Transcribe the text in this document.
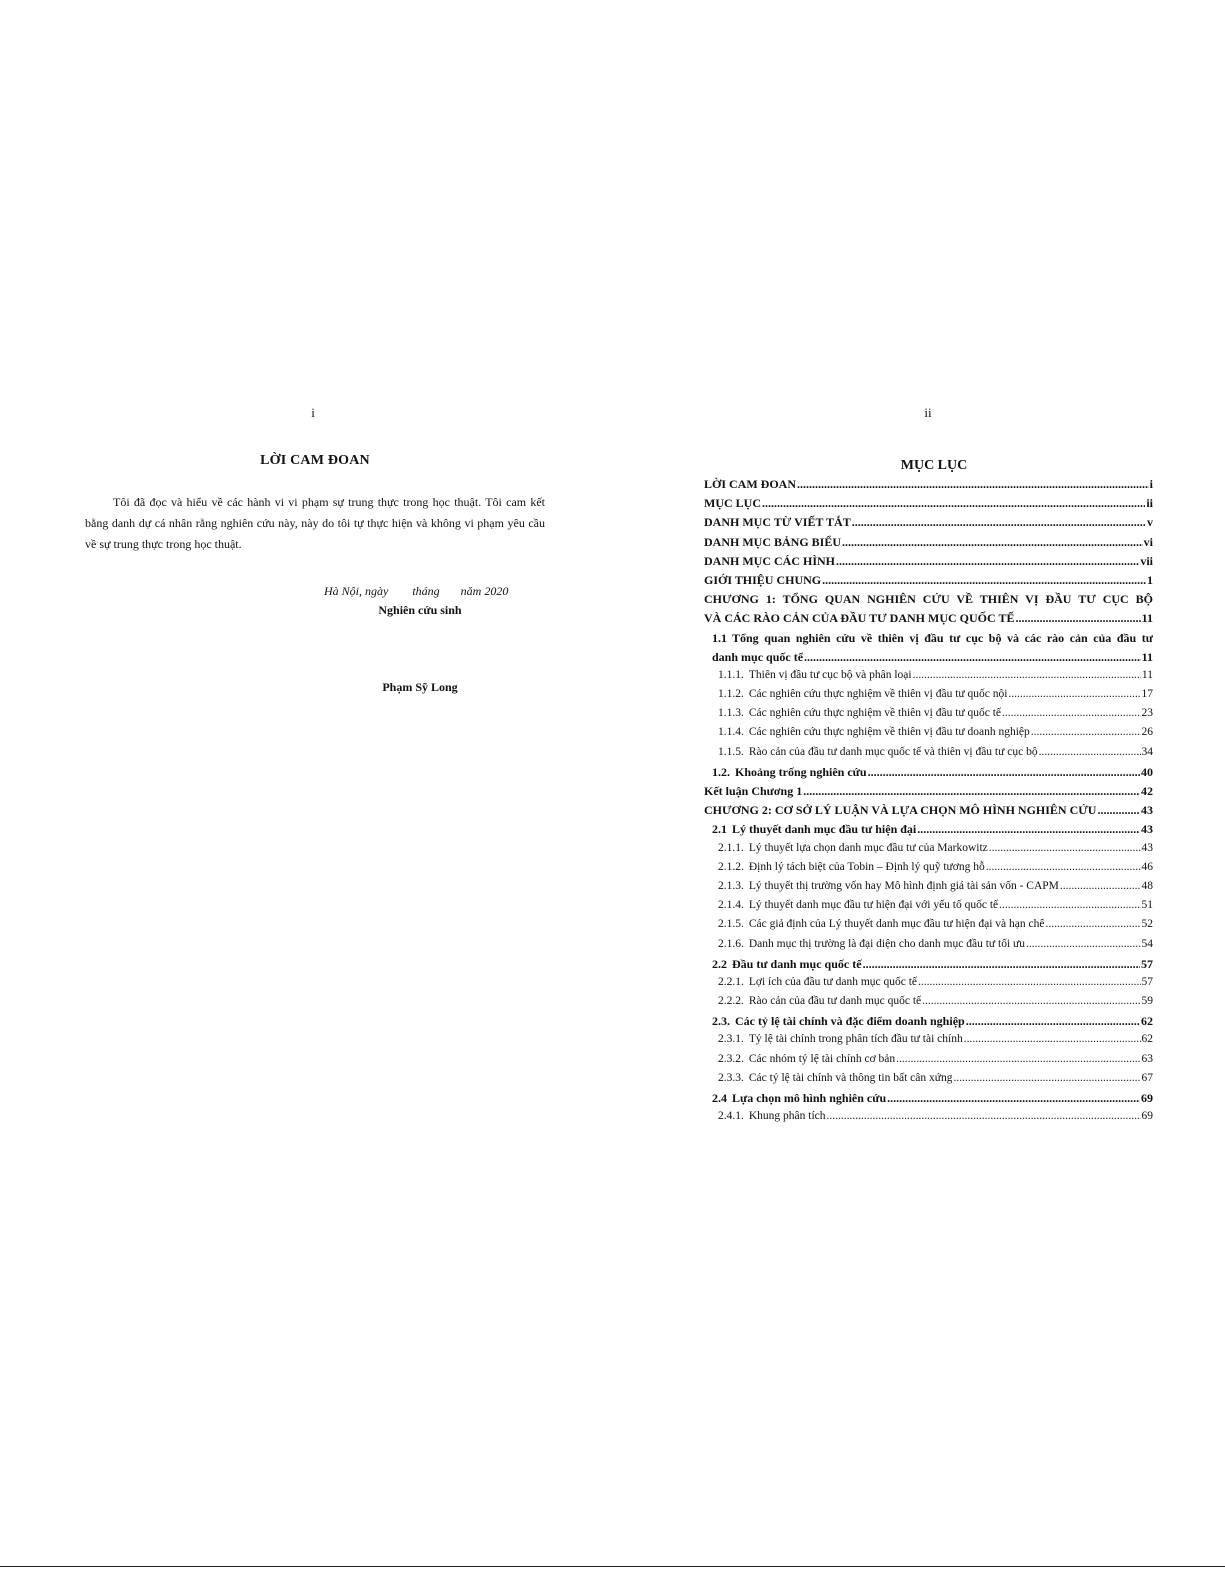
i
LỜI CAM ĐOAN
Tôi đã đọc và hiểu về các hành vi vi phạm sự trung thực trong học thuật. Tôi cam kết bằng danh dự cá nhân rằng nghiên cứu này, này do tôi tự thực hiện và không vi phạm yêu cầu về sự trung thực trong học thuật.
Hà Nội, ngày        tháng       năm 2020
Nghiên cứu sinh
Phạm Sỹ Long
ii
MỤC LỤC
LỜI CAM ĐOAN .....	i
MỤC LỤC .....	ii
DANH MỤC TỪ VIẾT TẮT .....	v
DANH MỤC BẢNG BIỂU .....	vi
DANH MỤC CÁC HÌNH .....	vii
GIỚI THIỆU CHUNG .....	1
CHƯƠNG 1: TỔNG QUAN NGHIÊN CỨU VỀ THIÊN VỊ ĐẦU TƯ CỤC BỘ
VÀ CÁC RÀO CẢN CỦA ĐẦU TƯ DANH MỤC QUỐC TẾ .....	11
1.1 Tổng quan nghiên cứu về thiên vị đầu tư cục bộ và các rào cản của đầu tư
danh mục quốc tế .....	11
1.1.1. Thiên vị đầu tư cục bộ và phân loại .....	11
1.1.2. Các nghiên cứu thực nghiệm về thiên vị đầu tư quốc nội .....	17
1.1.3. Các nghiên cứu thực nghiệm về thiên vị đầu tư quốc tế .....	23
1.1.4. Các nghiên cứu thực nghiệm về thiên vị đầu tư doanh nghiệp .....	26
1.1.5. Rào cản của đầu tư danh mục quốc tế và thiên vị đầu tư cục bộ .....	34
1.2. Khoảng trống nghiên cứu .....	40
Kết luận Chương 1 .....	42
CHƯƠNG 2: CƠ SỞ LÝ LUẬN VÀ LỰA CHỌN MÔ HÌNH NGHIÊN CỨU .....	43
2.1 Lý thuyết danh mục đầu tư hiện đại .....	43
2.1.1. Lý thuyết lựa chọn danh mục đầu tư của Markowitz .....	43
2.1.2. Định lý tách biệt của Tobin – Định lý quỹ tương hỗ .....	46
2.1.3. Lý thuyết thị trường vốn hay Mô hình định giá tài sản vốn - CAPM .....	48
2.1.4. Lý thuyết danh mục đầu tư hiện đại với yếu tố quốc tế .....	51
2.1.5. Các giả định của Lý thuyết danh mục đầu tư hiện đại và hạn chế .....	52
2.1.6. Danh mục thị trường là đại diện cho danh mục đầu tư tối ưu .....	54
2.2 Đầu tư danh mục quốc tế .....	57
2.2.1. Lợi ích của đầu tư danh mục quốc tế .....	57
2.2.2. Rào cản của đầu tư danh mục quốc tế .....	59
2.3. Các tỷ lệ tài chính và đặc điểm doanh nghiệp .....	62
2.3.1. Tỷ lệ tài chính trong phân tích đầu tư tài chính .....	62
2.3.2. Các nhóm tỷ lệ tài chính cơ bản .....	63
2.3.3. Các tỷ lệ tài chính và thông tin bất cân xứng .....	67
2.4 Lựa chọn mô hình nghiên cứu .....	69
2.4.1. Khung phân tích .....	69
